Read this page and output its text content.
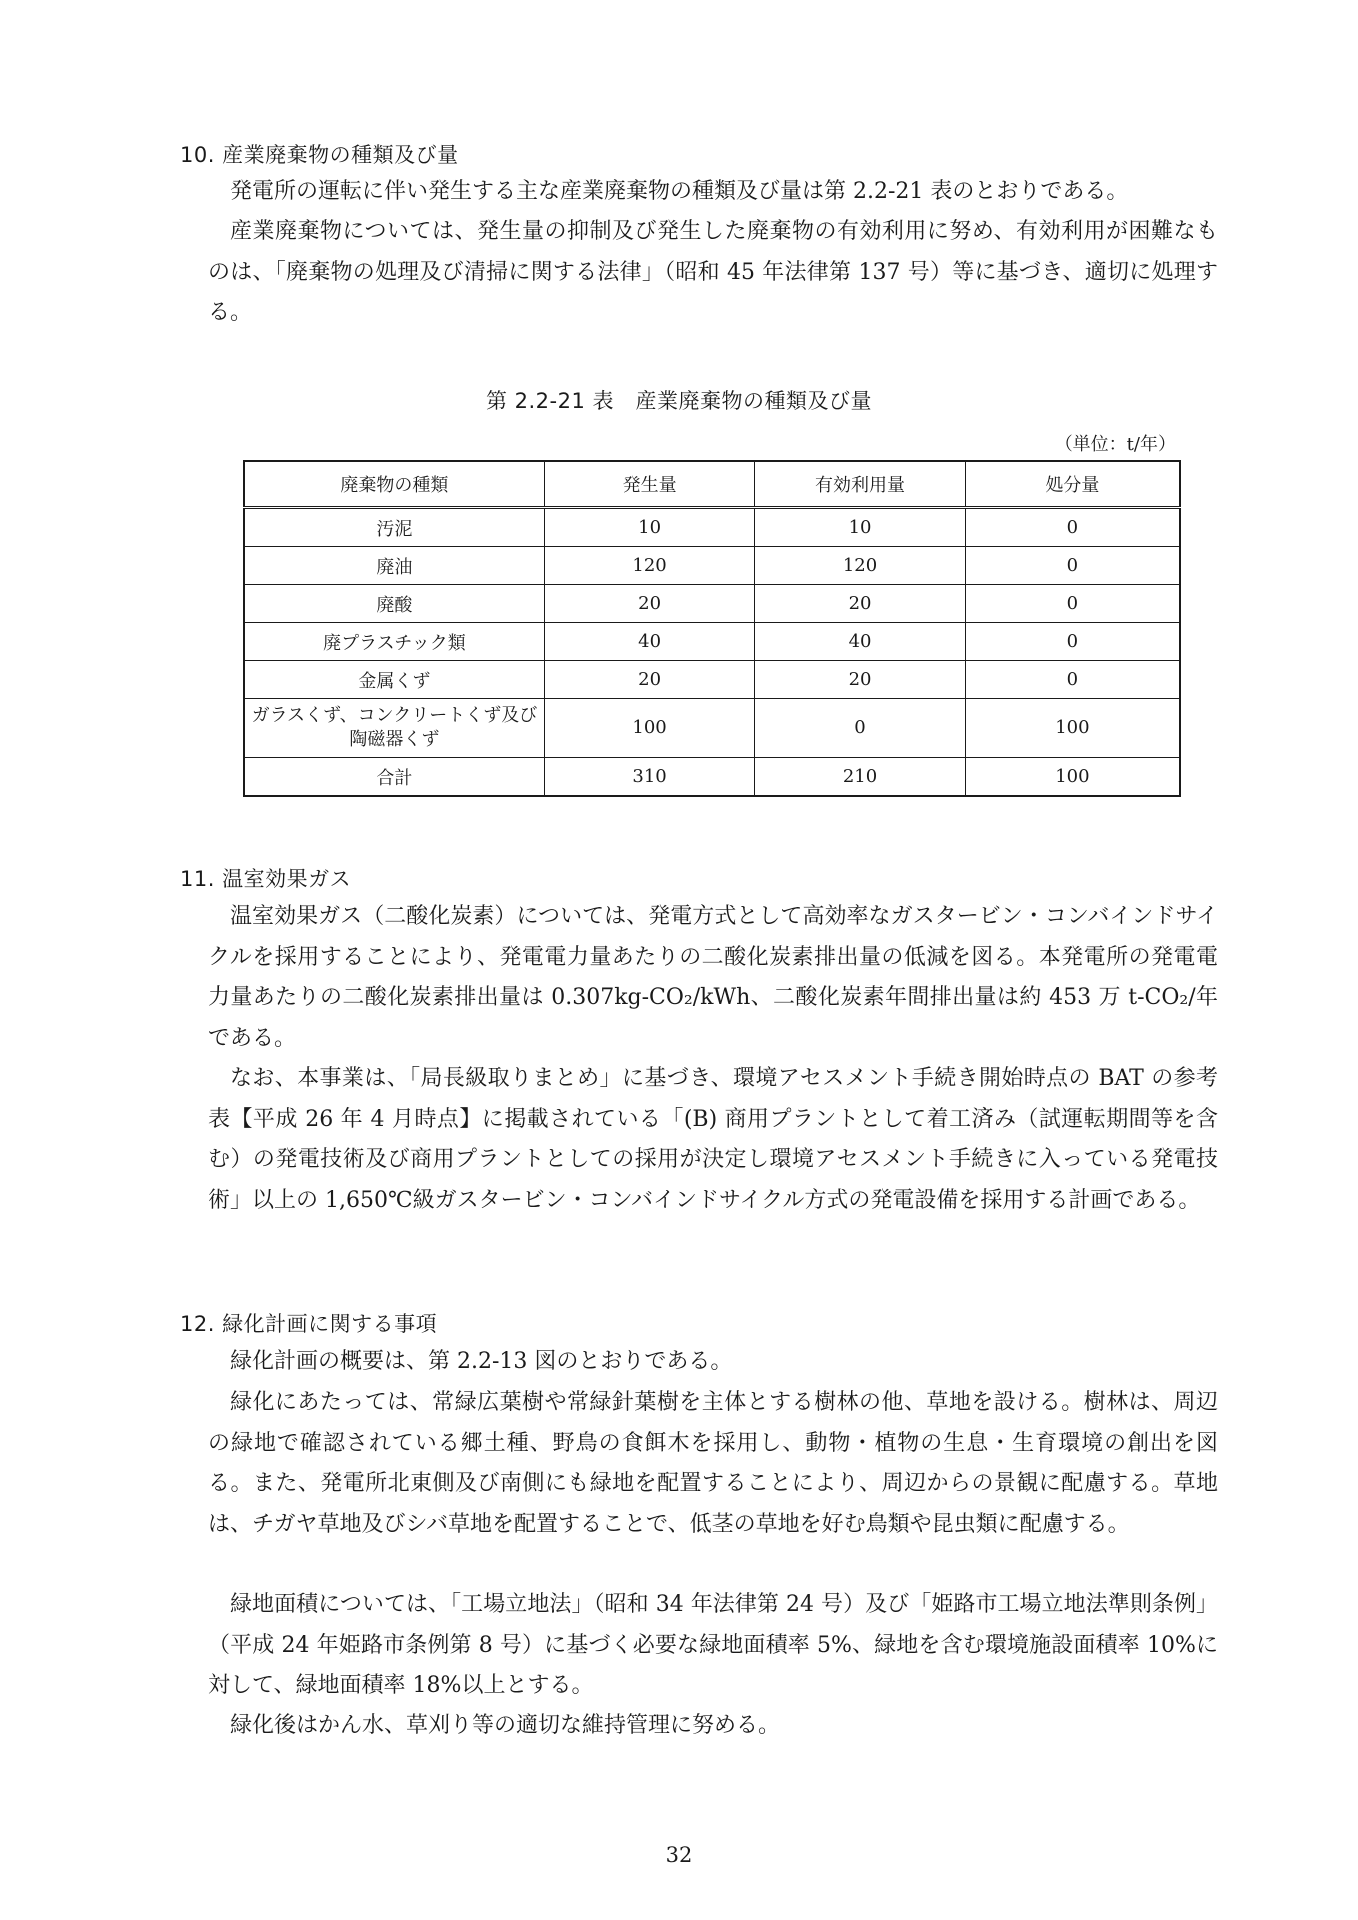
10. 産業廃棄物の種類及び量
発電所の運転に伴い発生する主な産業廃棄物の種類及び量は第 2.2-21 表のとおりである。
産業廃棄物については、発生量の抑制及び発生した廃棄物の有効利用に努め、有効利用が困難なものは、「廃棄物の処理及び清掃に関する法律」（昭和 45 年法律第 137 号）等に基づき、適切に処理する。
第 2.2-21 表　産業廃棄物の種類及び量
（単位：t/年）
廃棄物の種類	発生量	有効利用量	処分量
汚泥	10	10	0
廃油	120	120	0
廃酸	20	20	0
廃プラスチック類	40	40	0
金属くず	20	20	0
ガラスくず、コンクリートくず及び陶磁器くず	100	0	100
合計	310	210	100
11. 温室効果ガス
温室効果ガス（二酸化炭素）については、発電方式として高効率なガスタービン・コンバインドサイクルを採用することにより、発電電力量あたりの二酸化炭素排出量の低減を図る。本発電所の発電電力量あたりの二酸化炭素排出量は 0.307kg-CO₂/kWh、二酸化炭素年間排出量は約 453 万 t-CO₂/年である。
なお、本事業は、「局長級取りまとめ」に基づき、環境アセスメント手続き開始時点の BAT の参考表【平成 26 年 4 月時点】に掲載されている「(B) 商用プラントとして着工済み（試運転期間等を含む）の発電技術及び商用プラントとしての採用が決定し環境アセスメント手続きに入っている発電技術」以上の 1,650℃級ガスタービン・コンバインドサイクル方式の発電設備を採用する計画である。
12. 緑化計画に関する事項
緑化計画の概要は、第 2.2-13 図のとおりである。
緑化にあたっては、常緑広葉樹や常緑針葉樹を主体とする樹林の他、草地を設ける。樹林は、周辺の緑地で確認されている郷土種、野鳥の食餌木を採用し、動物・植物の生息・生育環境の創出を図る。また、発電所北東側及び南側にも緑地を配置することにより、周辺からの景観に配慮する。草地は、チガヤ草地及びシバ草地を配置することで、低茎の草地を好む鳥類や昆虫類に配慮する。
緑地面積については、「工場立地法」（昭和 34 年法律第 24 号）及び「姫路市工場立地法準則条例」（平成 24 年姫路市条例第 8 号）に基づく必要な緑地面積率 5%、緑地を含む環境施設面積率 10%に対して、緑地面積率 18%以上とする。
緑化後はかん水、草刈り等の適切な維持管理に努める。
32
